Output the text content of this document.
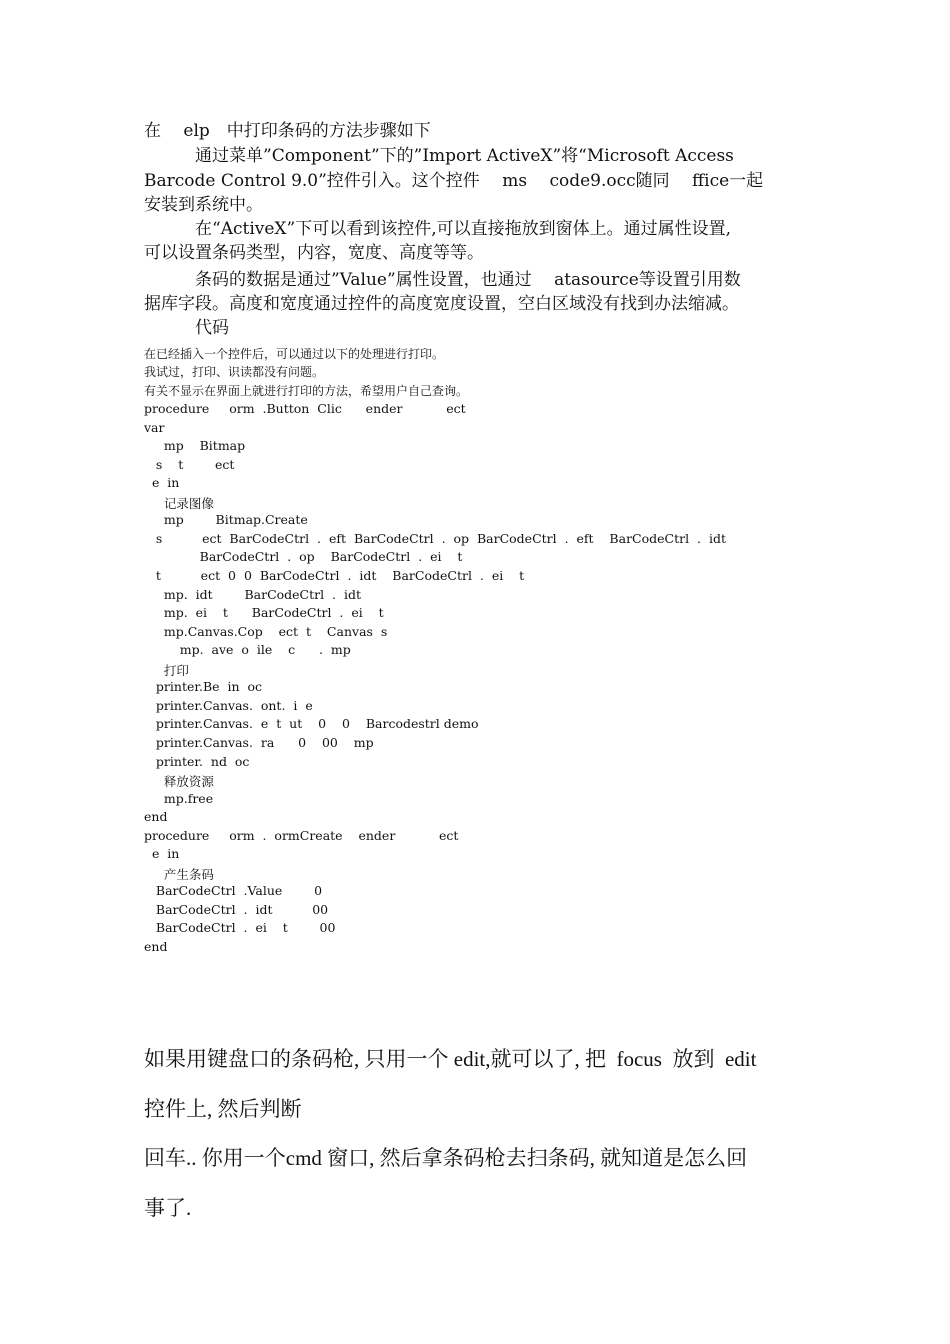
在　 elp　中打印条码的方法步骤如下
　　　通过菜单”Component”下的”Import ActiveX”将“Microsoft Access
Barcode Control 9.0”控件引入。这个控件　 ms　 code9.occ随同　 ffice一起
安装到系统中。
　　　在“ActiveX”下可以看到该控件,可以直接拖放到窗体上。通过属性设置,
可以设置条码类型，内容，宽度、高度等等。
　　　条码的数据是通过”Value”属性设置，也通过　 atasource等设置引用数
据库字段。高度和宽度通过控件的高度宽度设置，空白区域没有找到办法缩减。
　　　代码
在已经插入一个控件后，可以通过以下的处理进行打印。
我试过，打印、识读都没有问题。
有关不显示在界面上就进行打印的方法，希望用户自己查询。
procedure     orm  .Button  Clic      ender           ect
var
mp    Bitmap
s    t        ect
e  in
记录图像
mp        Bitmap.Create
s          ect  BarCodeCtrl  .  eft  BarCodeCtrl  .  op  BarCodeCtrl  .  eft    BarCodeCtrl  .  idt
BarCodeCtrl  .  op    BarCodeCtrl  .  ei    t
t          ect  0  0  BarCodeCtrl  .  idt    BarCodeCtrl  .  ei    t
mp.  idt        BarCodeCtrl  .  idt
mp.  ei    t      BarCodeCtrl  .  ei    t
mp.Canvas.Cop    ect  t    Canvas  s
mp.  ave  o  ile    c      .  mp
打印
printer.Be  in  oc
printer.Canvas.  ont.  i  e
printer.Canvas.  e  t  ut    0    0    Barcodestrl demo
printer.Canvas.  ra      0    00    mp
printer.  nd  oc
释放资源
mp.free
end
procedure     orm  .  ormCreate    ender           ect
e  in
产生条码
BarCodeCtrl  .Value        0
BarCodeCtrl  .  idt          00
BarCodeCtrl  .  ei    t        00
end
如果用键盘口的条码枪, 只用一个 edit,就可以了, 把  focus  放到  edit
控件上, 然后判断
回车.. 你用一个cmd 窗口, 然后拿条码枪去扫条码, 就知道是怎么回
事了.
